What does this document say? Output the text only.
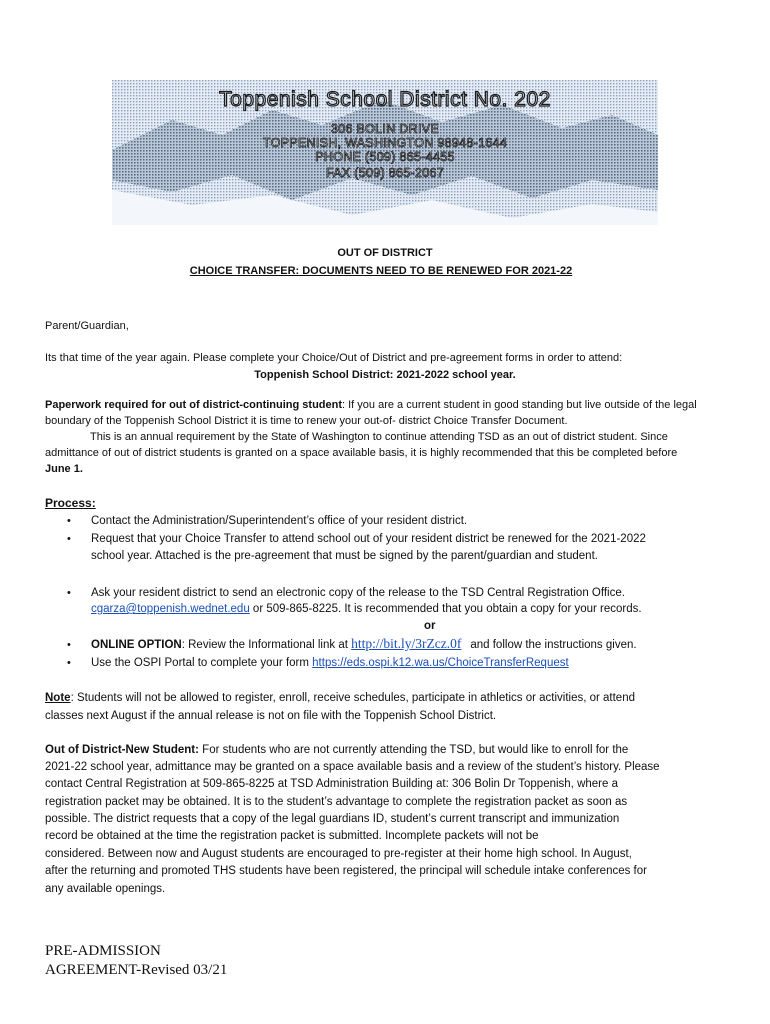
Toppenish School District No. 202
306 BOLIN DRIVE
TOPPENISH, WASHINGTON 98948-1644
PHONE (509) 865-4455
FAX (509) 865-2067
OUT OF DISTRICT
CHOICE TRANSFER: DOCUMENTS NEED TO BE RENEWED FOR 2021-22
Parent/Guardian,
Its that time of the year again. Please complete your Choice/Out of District and pre-agreement forms in order to attend:
Toppenish School District: 2021-2022 school year.
Paperwork required for out of district-continuing student: If you are a current student in good standing but live outside of the legal
boundary of the Toppenish School District it is time to renew your out-of- district Choice Transfer Document.
This is an annual requirement by the State of Washington to continue attending TSD as an out of district student. Since
admittance of out of district students is granted on a space available basis, it is highly recommended that this be completed before
June 1.
Process:
• Contact the Administration/Superintendent’s office of your resident district.
• Request that your Choice Transfer to attend school out of your resident district be renewed for the 2021-2022
school year. Attached is the pre-agreement that must be signed by the parent/guardian and student.
• Ask your resident district to send an electronic copy of the release to the TSD Central Registration Office.
cgarza@toppenish.wednet.edu or 509-865-8225. It is recommended that you obtain a copy for your records.
or
• ONLINE OPTION: Review the Informational link at http://bit.ly/3rZcz.0f and follow the instructions given.
• Use the OSPI Portal to complete your form https://eds.ospi.k12.wa.us/ChoiceTransferRequest
Note: Students will not be allowed to register, enroll, receive schedules, participate in athletics or activities, or attend
classes next August if the annual release is not on file with the Toppenish School District.
Out of District-New Student: For students who are not currently attending the TSD, but would like to enroll for the
2021-22 school year, admittance may be granted on a space available basis and a review of the student’s history. Please
contact Central Registration at 509-865-8225 at TSD Administration Building at: 306 Bolin Dr Toppenish, where a
registration packet may be obtained. It is to the student’s advantage to complete the registration packet as soon as
possible. The district requests that a copy of the legal guardians ID, student’s current transcript and immunization
record be obtained at the time the registration packet is submitted. Incomplete packets will not be
considered. Between now and August students are encouraged to pre-register at their home high school. In August,
after the returning and promoted THS students have been registered, the principal will schedule intake conferences for
any available openings.
PRE-ADMISSION
AGREEMENT-Revised 03/21
